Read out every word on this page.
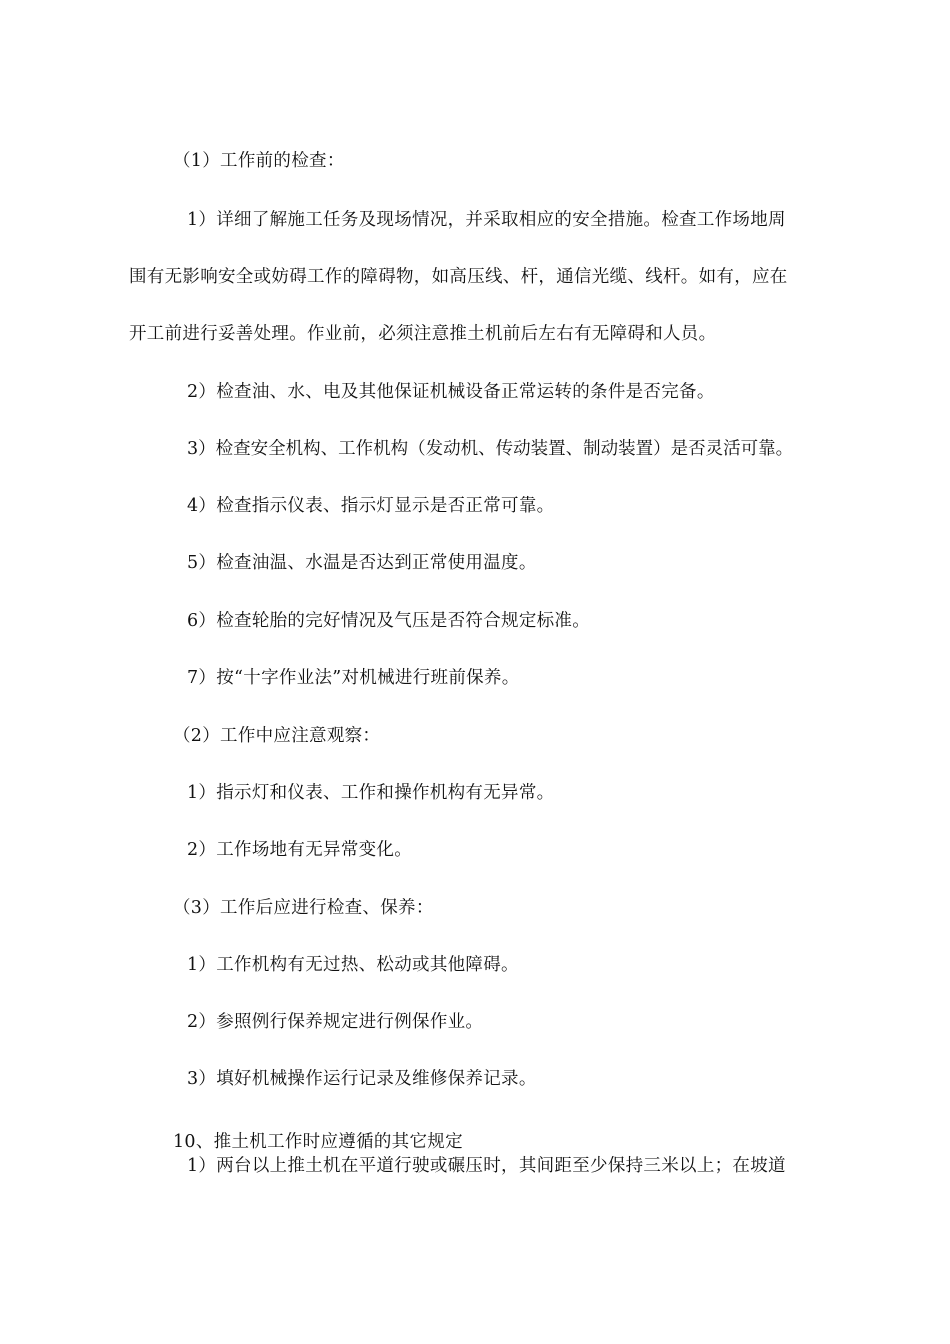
（1）工作前的检查：
1）详细了解施工任务及现场情况，并采取相应的安全措施。检查工作场地周
围有无影响安全或妨碍工作的障碍物，如高压线、杆，通信光缆、线杆。如有，应在
开工前进行妥善处理。作业前，必须注意推土机前后左右有无障碍和人员。
2）检查油、水、电及其他保证机械设备正常运转的条件是否完备。
3）检查安全机构、工作机构（发动机、传动装置、制动装置）是否灵活可靠。
4）检查指示仪表、指示灯显示是否正常可靠。
5）检查油温、水温是否达到正常使用温度。
6）检查轮胎的完好情况及气压是否符合规定标准。
7）按“十字作业法”对机械进行班前保养。
（2）工作中应注意观察：
1）指示灯和仪表、工作和操作机构有无异常。
2）工作场地有无异常变化。
（3）工作后应进行检查、保养：
1）工作机构有无过热、松动或其他障碍。
2）参照例行保养规定进行例保作业。
3）填好机械操作运行记录及维修保养记录。
10、推土机工作时应遵循的其它规定
1）两台以上推土机在平道行驶或碾压时，其间距至少保持三米以上；在坡道
